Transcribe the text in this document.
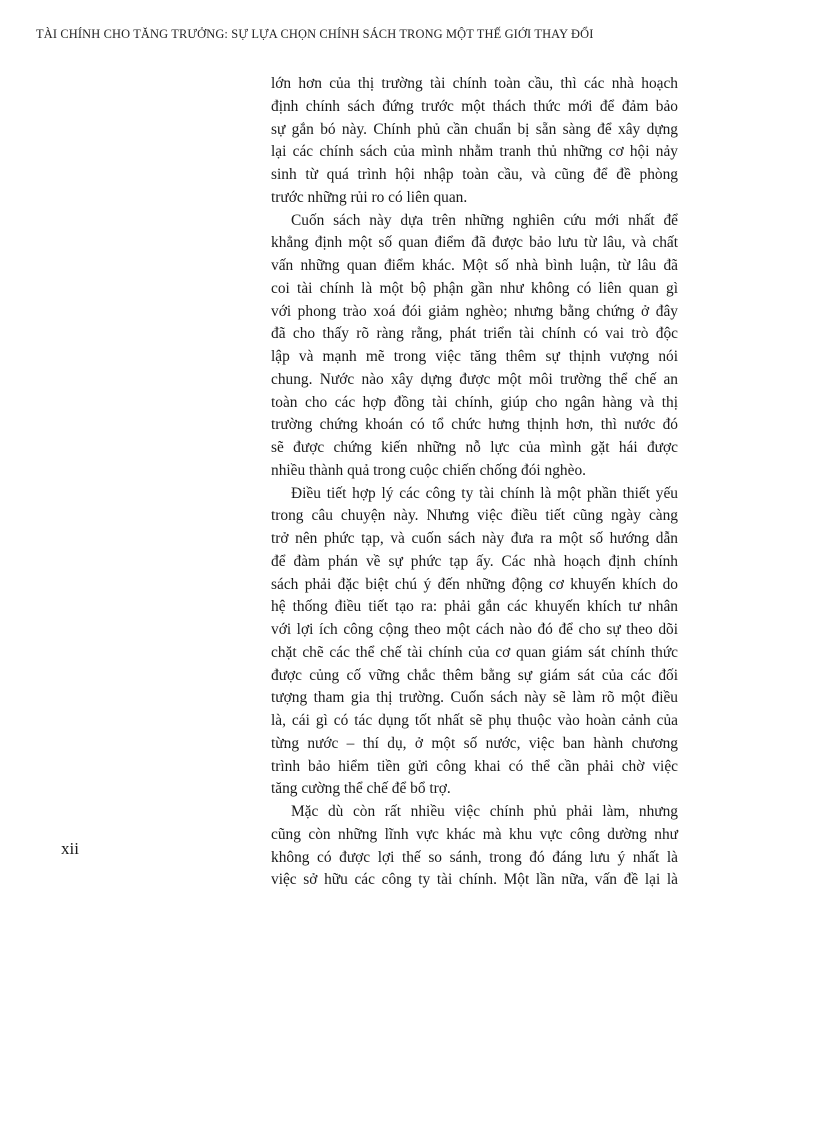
TÀI CHÍNH CHO TĂNG TRƯỞNG: SỰ LỰA CHỌN CHÍNH SÁCH TRONG MỘT THẾ GIỚI THAY ĐỔI
lớn hơn của thị trường tài chính toàn cầu, thì các nhà hoạch
định chính sách đứng trước một thách thức mới để đảm bảo
sự gắn bó này. Chính phủ cần chuẩn bị sẵn sàng để xây dựng
lại các chính sách của mình nhằm tranh thủ những cơ hội nảy
sinh từ quá trình hội nhập toàn cầu, và cũng để đề phòng
trước những rủi ro có liên quan.
Cuốn sách này dựa trên những nghiên cứu mới nhất để
khẳng định một số quan điểm đã được bảo lưu từ lâu, và chất
vấn những quan điểm khác. Một số nhà bình luận, từ lâu đã
coi tài chính là một bộ phận gần như không có liên quan gì
với phong trào xoá đói giảm nghèo; nhưng bằng chứng ở đây
đã cho thấy rõ ràng rằng, phát triển tài chính có vai trò độc
lập và mạnh mẽ trong việc tăng thêm sự thịnh vượng nói
chung. Nước nào xây dựng được một môi trường thể chế an
toàn cho các hợp đồng tài chính, giúp cho ngân hàng và thị
trường chứng khoán có tổ chức hưng thịnh hơn, thì nước đó
sẽ được chứng kiến những nỗ lực của mình gặt hái được
nhiều thành quả trong cuộc chiến chống đói nghèo.
Điều tiết hợp lý các công ty tài chính là một phần thiết yếu
trong câu chuyện này. Nhưng việc điều tiết cũng ngày càng
trở nên phức tạp, và cuốn sách này đưa ra một số hướng dẫn
để đàm phán về sự phức tạp ấy. Các nhà hoạch định chính
sách phải đặc biệt chú ý đến những động cơ khuyến khích do
hệ thống điều tiết tạo ra: phải gắn các khuyến khích tư nhân
với lợi ích công cộng theo một cách nào đó để cho sự theo dõi
chặt chẽ các thể chế tài chính của cơ quan giám sát chính thức
được củng cố vững chắc thêm bằng sự giám sát của các đối
tượng tham gia thị trường. Cuốn sách này sẽ làm rõ một điều
là, cái gì có tác dụng tốt nhất sẽ phụ thuộc vào hoàn cảnh của
từng nước – thí dụ, ở một số nước, việc ban hành chương
trình bảo hiểm tiền gửi công khai có thể cần phải chờ việc
tăng cường thể chế để bổ trợ.
Mặc dù còn rất nhiều việc chính phủ phải làm, nhưng
cũng còn những lĩnh vực khác mà khu vực công dường như
không có được lợi thế so sánh, trong đó đáng lưu ý nhất là
việc sở hữu các công ty tài chính. Một lần nữa, vấn đề lại là
xii
